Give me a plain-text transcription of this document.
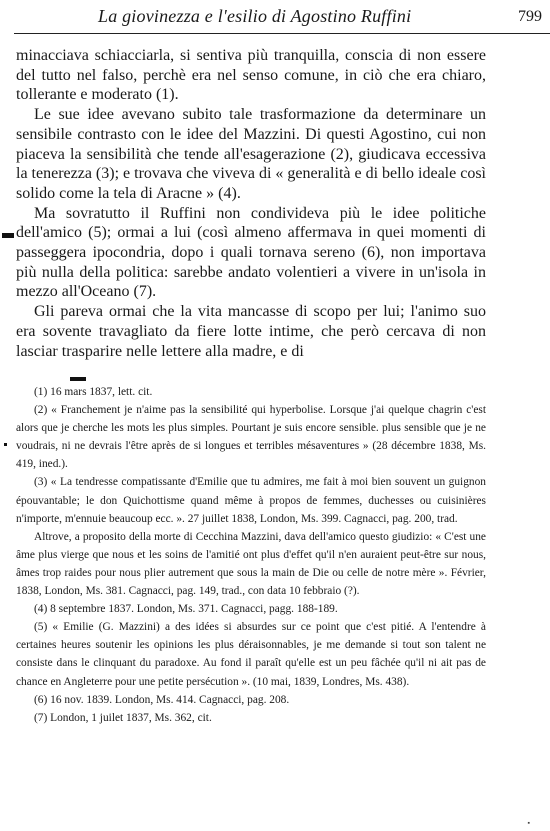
La giovinezza e l'esilio di Agostino Ruffini	799

minacciava schiacciarla, si sentiva più tranquilla, conscia di non essere del tutto nel falso, perchè era nel senso comune, in ciò che era chiaro, tollerante e moderato (1).

Le sue idee avevano subito tale trasformazione da determinare un sensibile contrasto con le idee del Mazzini. Di questi Agostino, cui non piaceva la sensibilità che tende all'esagerazione (2), giudicava eccessiva la tenerezza (3); e trovava che viveva di « generalità e di bello ideale così solido come la tela di Aracne » (4).

Ma sovratutto il Ruffini non condivideva più le idee politiche dell'amico (5); ormai a lui (così almeno affermava in quei momenti di passeggera ipocondria, dopo i quali tornava sereno (6), non importava più nulla della politica: sarebbe andato volentieri a vivere in un'isola in mezzo all'Oceano (7).

Gli pareva ormai che la vita mancasse di scopo per lui; l'animo suo era sovente travagliato da fiere lotte intime, che però cercava di non lasciar trasparire nelle lettere alla madre, e di

(1) 16 mars 1837, lett. cit.

(2) « Franchement je n'aime pas la sensibilité qui hyperbolise. Lorsque j'ai quelque chagrin c'est alors que je cherche les mots les plus simples. Pourtant je suis encore sensible. plus sensible que je ne voudrais, ni ne devrais l'être après de si longues et terribles mésaventures » (28 décembre 1838, Ms. 419, ined.).

(3) « La tendresse compatissante d'Emilie que tu admires, me fait à moi bien souvent un guignon épouvantable; le don Quichottisme quand même à propos de femmes, duchesses ou cuisinières n'importe, m'ennuie beaucoup ecc. ». 27 juillet 1838, London, Ms. 399. Cagnacci, pag. 200, trad.

Altrove, a proposito della morte di Cecchina Mazzini, dava dell'amico questo giudizio: « C'est une âme plus vierge que nous et les soins de l'amitié ont plus d'effet qu'il n'en auraient peut-être sur nous, âmes trop raides pour nous plier autrement que sous la main de Die ou celle de notre mère ». Février, 1838, London, Ms. 381. Cagnacci, pag. 149, trad., con data 10 febbraio (?).

(4) 8 septembre 1837. London, Ms. 371. Cagnacci, pagg. 188-189.

(5) « Emilie (G. Mazzini) a des idées si absurdes sur ce point que c'est pitié. A l'entendre à certaines heures soutenir les opinions les plus déraisonnables, je me demande si tout son talent ne consiste dans le clinquant du paradoxe. Au fond il paraît qu'elle est un peu fâchée qu'il ni ait pas de chance en Angleterre pour une petite persécution ». (10 mai, 1839, Londres, Ms. 438).

(6) 16 nov. 1839. London, Ms. 414. Cagnacci, pag. 208.

(7) London, 1 juilet 1837, Ms. 362, cit.

▪
